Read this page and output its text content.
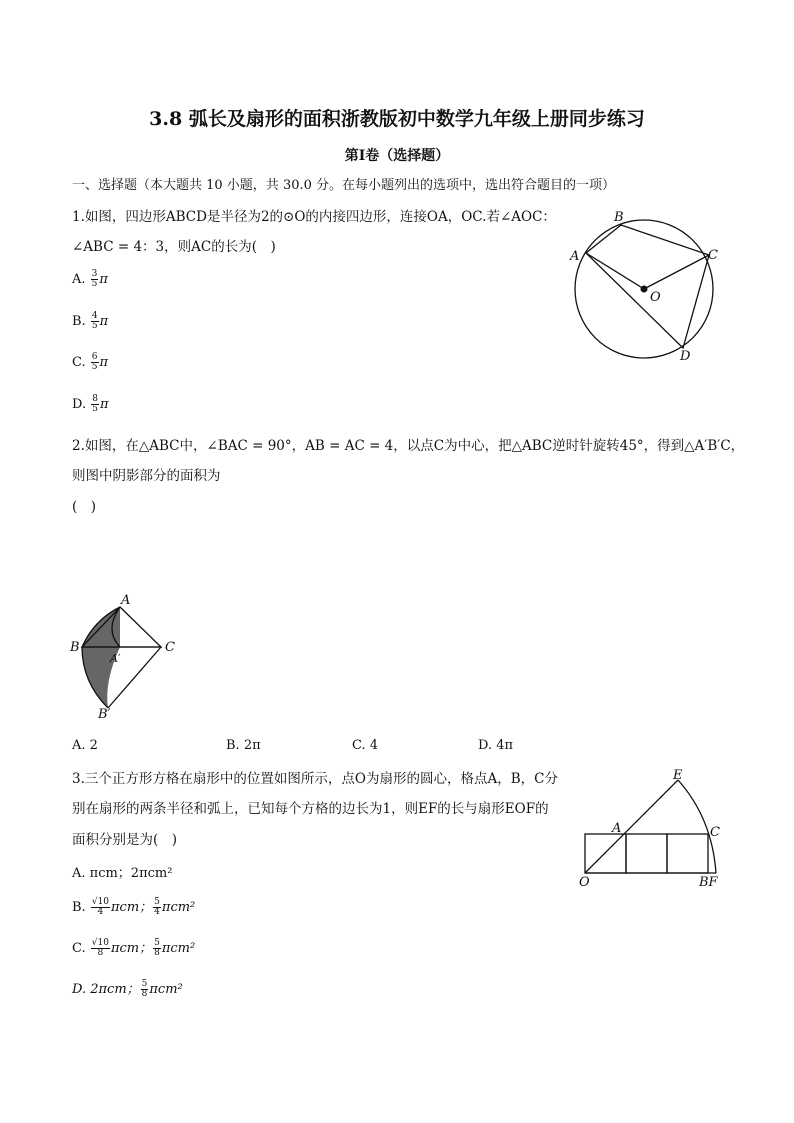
3.8 弧长及扇形的面积浙教版初中数学九年级上册同步练习
第Ⅰ卷（选择题）
一、选择题（本大题共 10 小题，共 30.0 分。在每小题列出的选项中，选出符合题目的一项）
1.如图，四边形ABCD是半径为2的⊙O的内接四边形，连接OA，OC.若∠AOC：
∠ABC = 4：3，则AC的长为(　)
A. $\frac{3}{5}$ π
B. $\frac{4}{5}$ π
C. $\frac{6}{5}$ π
D. $\frac{8}{5}$ π
A
B
C
D
O
2.如图，在△ABC中，∠BAC = 90°，AB = AC = 4，以点C为中心，把△ABC逆时针旋转45°，得到△A′B′C，
则图中阴影部分的面积为
(　)
A
B	C
A′
B′
A. 2	B. 2π	C. 4	D. 4π
3.三个正方形方格在扇形中的位置如图所示，点O为扇形的圆心，格点A，B，C分
别在扇形的两条半径和弧上，已知每个方格的边长为1，则EF的长与扇形EOF的
面积分别是为(　)
A. πcm；2πcm²
B. $\frac{√10}{4}$ πcm； $\frac{5}{4} \pi cm^2$
C. $\frac{√10}{8}$ πcm； $\frac{5}{8} \pi cm^2$
D. 2πcm； $\frac{5}{8} \pi cm^2$
E
A	C
O	BF
